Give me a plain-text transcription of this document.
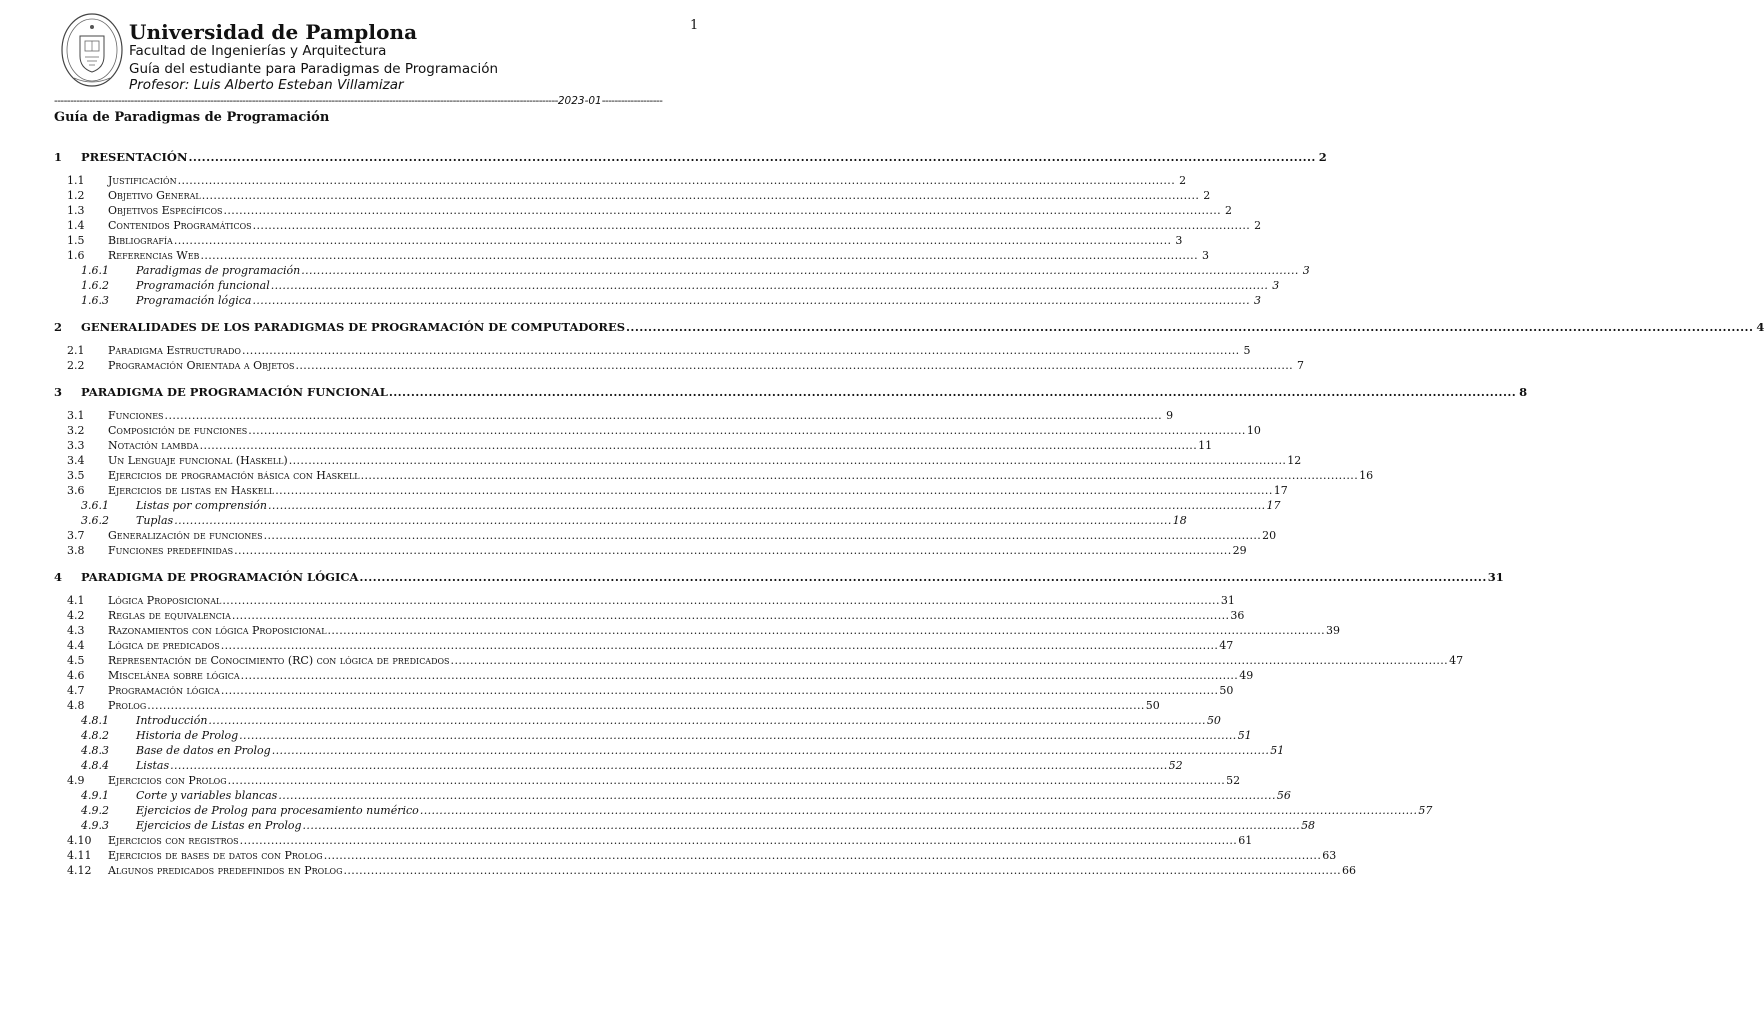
1
Universidad de Pamplona
Facultad de Ingenierías y Arquitectura
Guía del estudiante para Paradigmas de Programación
Profesor: Luis Alberto Esteban Villamizar
--------------------------------------------------------------------------------------------------------------------------------------------------------------2023-01-------------------
Guía de Paradigmas de Programación
1	PRESENTACIÓN .....	2
1.1	Justificación .....	2
1.2	Objetivo General .....	2
1.3	Objetivos Específicos .....	2
1.4	Contenidos Programáticos .....	2
1.5	Bibliografía .....	3
1.6	Referencias Web .....	3
1.6.1	Paradigmas de programación .....	3
1.6.2	Programación funcional .....	3
1.6.3	Programación lógica .....	3
2	GENERALIDADES DE LOS PARADIGMAS DE PROGRAMACIÓN DE COMPUTADORES .....	4
2.1	Paradigma Estructurado .....	5
2.2	Programación Orientada a Objetos .....	7
3	PARADIGMA DE PROGRAMACIÓN FUNCIONAL .....	8
3.1	Funciones .....	9
3.2	Composición de funciones .....	10
3.3	Notación lambda .....	11
3.4	Un Lenguaje funcional (Haskell) .....	12
3.5	Ejercicios de programación básica con Haskell .....	16
3.6	Ejercicios de listas en Haskell .....	17
3.6.1	Listas por comprensión .....	17
3.6.2	Tuplas .....	18
3.7	Generalización de funciones .....	20
3.8	Funciones predefinidas .....	29
4	PARADIGMA DE PROGRAMACIÓN LÓGICA .....	31
4.1	Lógica Proposicional .....	31
4.2	Reglas de equivalencia .....	36
4.3	Razonamientos con lógica Proposicional .....	39
4.4	Lógica de predicados .....	47
4.5	Representación de Conocimiento (RC) con lógica de predicados .....	47
4.6	Miscelánea sobre lógica .....	49
4.7	Programación lógica .....	50
4.8	Prolog .....	50
4.8.1	Introducción .....	50
4.8.2	Historia de Prolog .....	51
4.8.3	Base de datos en Prolog .....	51
4.8.4	Listas .....	52
4.9	Ejercicios con Prolog .....	52
4.9.1	Corte y variables blancas .....	56
4.9.2	Ejercicios de Prolog para procesamiento numérico .....	57
4.9.3	Ejercicios de Listas en Prolog .....	58
4.10	Ejercicios con registros .....	61
4.11	Ejercicios de bases de datos con Prolog .....	63
4.12	Algunos predicados predefinidos en Prolog .....	66
